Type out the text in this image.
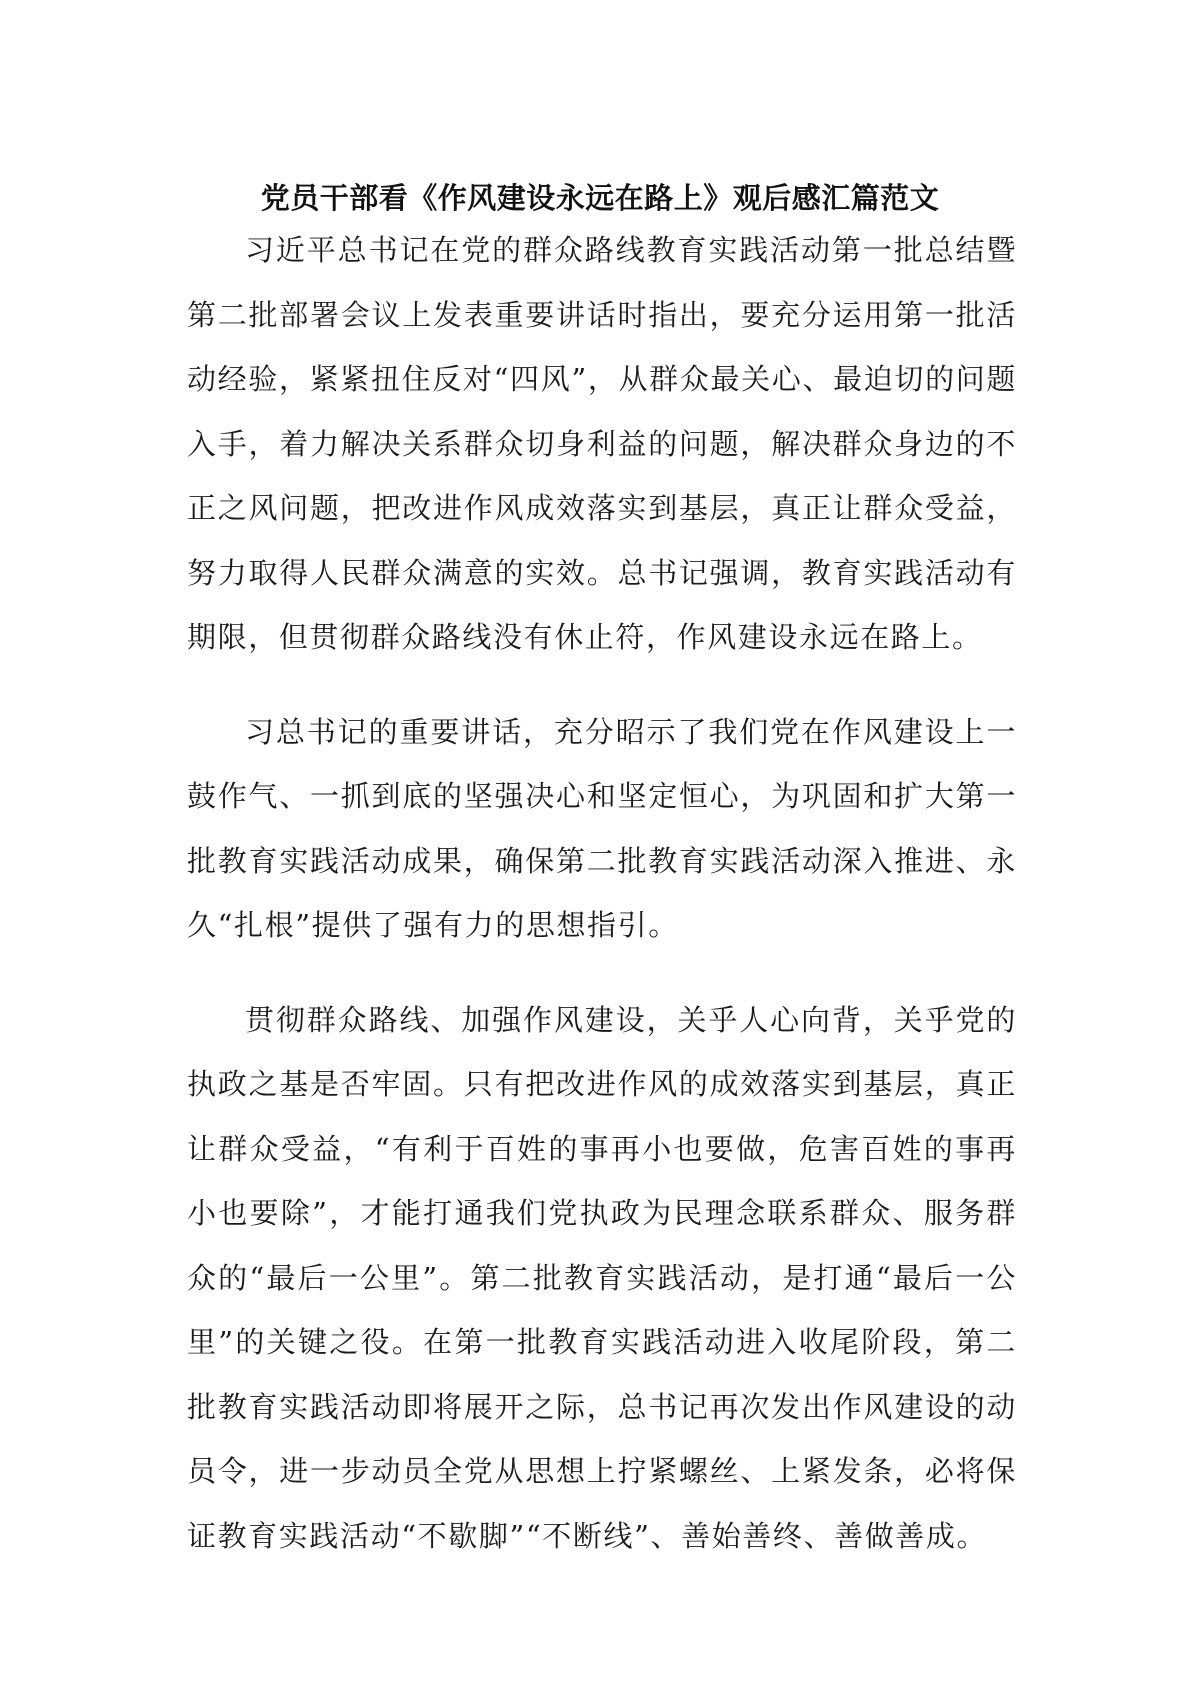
党员干部看《作风建设永远在路上》观后感汇篇范文

习近平总书记在党的群众路线教育实践活动第一批总结暨第二批部署会议上发表重要讲话时指出，要充分运用第一批活动经验，紧紧扭住反对“四风”，从群众最关心、最迫切的问题入手，着力解决关系群众切身利益的问题，解决群众身边的不正之风问题，把改进作风成效落实到基层，真正让群众受益，努力取得人民群众满意的实效。总书记强调，教育实践活动有期限，但贯彻群众路线没有休止符，作风建设永远在路上。

习总书记的重要讲话，充分昭示了我们党在作风建设上一鼓作气、一抓到底的坚强决心和坚定恒心，为巩固和扩大第一批教育实践活动成果，确保第二批教育实践活动深入推进、永久“扎根”提供了强有力的思想指引。

贯彻群众路线、加强作风建设，关乎人心向背，关乎党的执政之基是否牢固。只有把改进作风的成效落实到基层，真正让群众受益，“有利于百姓的事再小也要做，危害百姓的事再小也要除”，才能打通我们党执政为民理念联系群众、服务群众的“最后一公里”。第二批教育实践活动，是打通“最后一公里”的关键之役。在第一批教育实践活动进入收尾阶段，第二批教育实践活动即将展开之际，总书记再次发出作风建设的动员令，进一步动员全党从思想上拧紧螺丝、上紧发条，必将保证教育实践活动“不歇脚”“不断线”、善始善终、善做善成。
